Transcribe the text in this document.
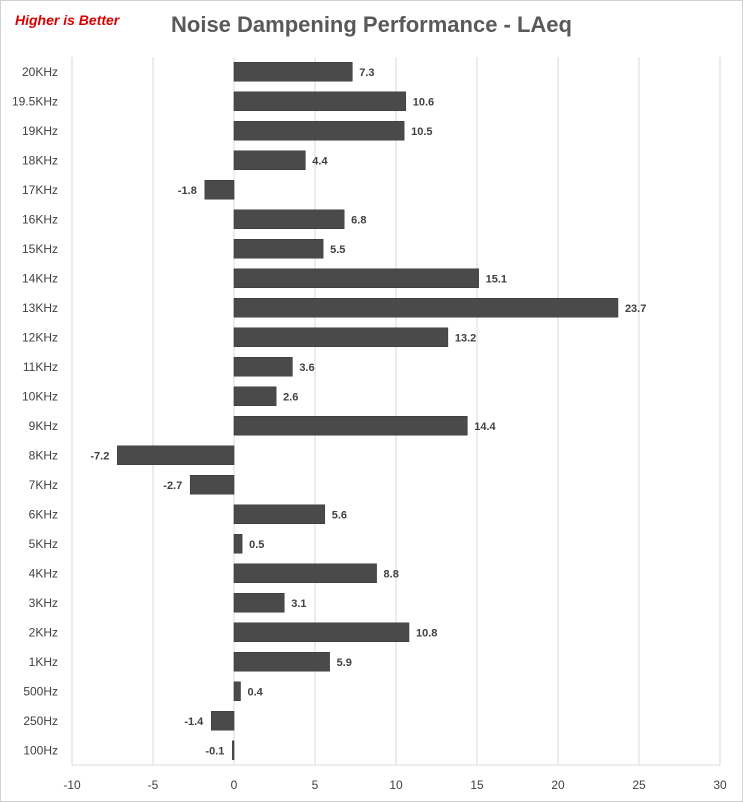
Higher is Better	Noise Dampening Performance - LAeq
-10	-5	0	5	10	15	20	25	30
20KHz	7.3
19.5KHz	10.6
19KHz	10.5
18KHz	4.4
17KHz	-1.8
16KHz	6.8
15KHz	5.5
14KHz	15.1
13KHz	23.7
12KHz	13.2
11KHz	3.6
10KHz	2.6
9KHz	14.4
8KHz	-7.2
7KHz	-2.7
6KHz	5.6
5KHz	0.5
4KHz	8.8
3KHz	3.1
2KHz	10.8
1KHz	5.9
500Hz	0.4
250Hz	-1.4
100Hz	-0.1
